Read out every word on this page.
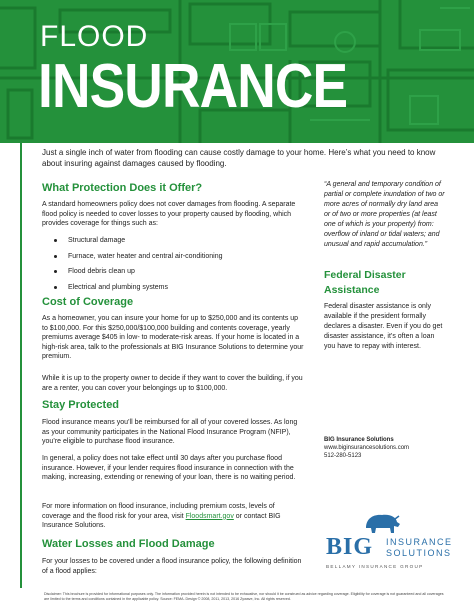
FLOOD
INSURANCE
Just a single inch of water from flooding can cause costly damage to your home. Here’s what you need to know about insuring against damages caused by flooding.
What Protection Does it Offer?
A standard homeowners policy does not cover damages from flooding. A separate flood policy is needed to cover losses to your property caused by flooding, which provides coverage for things such as:
Structural damage
Furnace, water heater and central air-conditioning
Flood debris clean up
Electrical and plumbing systems
Cost of Coverage
As a homeowner, you can insure your home for up to $250,000 and its contents up to $100,000. For this $250,000/$100,000 building and contents coverage, yearly premiums average $405 in low- to moderate-risk areas. If your home is located in a high-risk area, talk to the professionals at BIG Insurance Solutions to determine your premium.
While it is up to the property owner to decide if they want to cover the building, if you are a renter, you can cover your belongings up to $100,000.
Stay Protected
Flood insurance means you’ll be reimbursed for all of your covered losses. As long as your community participates in the National Flood Insurance Program (NFIP), you’re eligible to purchase flood insurance.
In general, a policy does not take effect until 30 days after you purchase flood insurance. However, if your lender requires flood insurance in connection with the making, increasing, extending or renewing of your loan, there is no waiting period.
For more information on flood insurance, including premium costs, levels of coverage and the flood risk for your area, visit Floodsmart.gov or contact BIG Insurance Solutions.
Water Losses and Flood Damage
For your losses to be covered under a flood insurance policy, the following definition of a flood applies:
“A general and temporary condition of partial or complete inundation of two or more acres of normally dry land area or of two or more properties (at least one of which is your property) from: overflow of inland or tidal waters; and unusual and rapid accumulation.”
Federal Disaster Assistance
Federal disaster assistance is only available if the president formally declares a disaster. Even if you do get disaster assistance, it’s often a loan you have to repay with interest.
BIG Insurance Solutions
www.biginsurancesolutions.com
512-280-5123
BIG INSURANCE
SOLUTIONS
BELLAMY INSURANCE GROUP
Disclaimer: This brochure is provided for informational purposes only. The information provided herein is not intended to be exhaustive, nor should it be construed as advice regarding coverage. Eligibility for coverage is not guaranteed and all coverages are limited to the terms and conditions contained in the applicable policy. Source: FEMA. Design © 2008, 2011, 2013, 2016 Zywave, Inc. All rights reserved.
